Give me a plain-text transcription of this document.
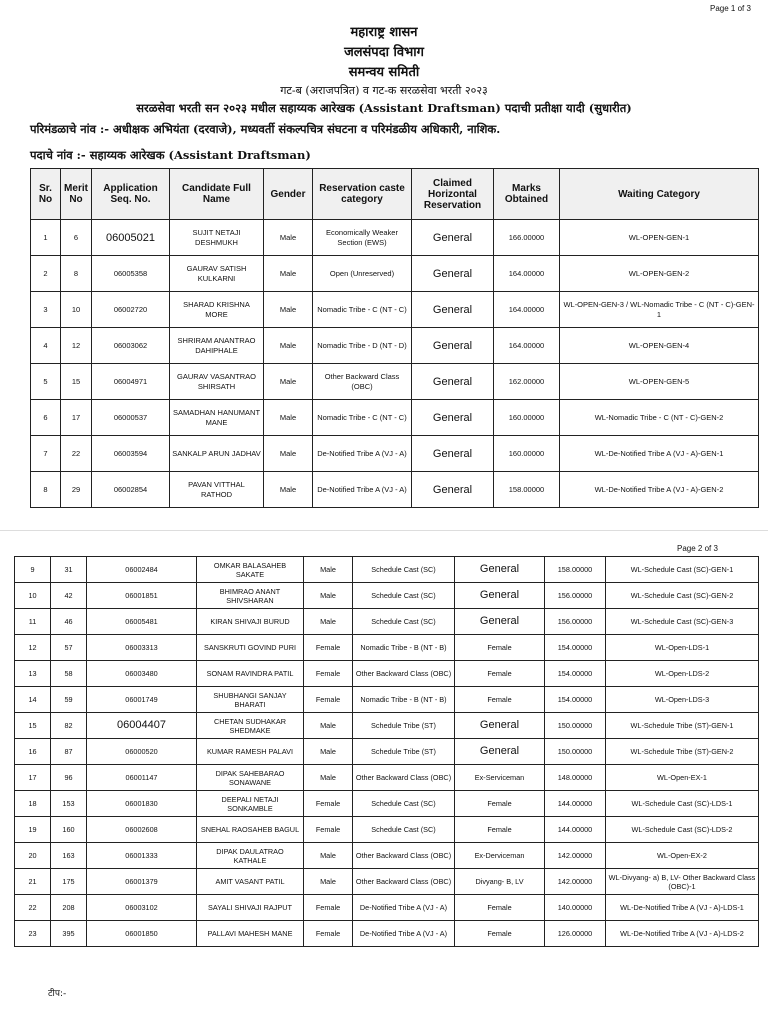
Page 1 of 3
महाराष्ट्र शासन
जलसंपदा विभाग
समन्वय समिती
गट-ब (अराजपत्रित) व गट-क सरळसेवा भरती २०२३
सरळसेवा भरती सन २०२३ मधील सहाय्यक आरेखक (Assistant Draftsman) पदाची प्रतीक्षा यादी (सुधारीत)
परिमंडळाचे नांव :- अधीक्षक अभियंता (दरवाजे), मध्यवर्ती संकल्पचित्र संघटना व परिमंडळीय अधिकारी, नाशिक.
पदाचे नांव :- सहाय्यक आरेखक (Assistant Draftsman)
Sr. No	Merit No	Application Seq. No.	Candidate Full Name	Gender	Reservation caste category	Claimed Horizontal Reservation	Marks Obtained	Waiting Category
1	6	06005021	SUJIT NETAJI DESHMUKH	Male	Economically Weaker Section (EWS)	General	166.00000	WL-OPEN-GEN-1
2	8	06005358	GAURAV SATISH KULKARNI	Male	Open (Unreserved)	General	164.00000	WL-OPEN-GEN-2
3	10	06002720	SHARAD KRISHNA MORE	Male	Nomadic Tribe - C (NT - C)	General	164.00000	WL-OPEN-GEN-3 / WL-Nomadic Tribe - C (NT - C)-GEN-1
4	12	06003062	SHRIRAM ANANTRAO DAHIPHALE	Male	Nomadic Tribe - D (NT - D)	General	164.00000	WL-OPEN-GEN-4
5	15	06004971	GAURAV VASANTRAO SHIRSATH	Male	Other Backward Class (OBC)	General	162.00000	WL-OPEN-GEN-5
6	17	06000537	SAMADHAN HANUMANT MANE	Male	Nomadic Tribe - C (NT - C)	General	160.00000	WL-Nomadic Tribe - C (NT - C)-GEN-2
7	22	06003594	SANKALP ARUN JADHAV	Male	De-Notified Tribe A (VJ - A)	General	160.00000	WL-De-Notified Tribe A (VJ - A)-GEN-1
8	29	06002854	PAVAN VITTHAL RATHOD	Male	De-Notified Tribe A (VJ - A)	General	158.00000	WL-De-Notified Tribe A (VJ - A)-GEN-2
Page 2 of 3
9	31	06002484	OMKAR BALASAHEB SAKATE	Male	Schedule Cast (SC)	General	158.00000	WL-Schedule Cast (SC)-GEN-1
10	42	06001851	BHIMRAO ANANT SHIVSHARAN	Male	Schedule Cast (SC)	General	156.00000	WL-Schedule Cast (SC)-GEN-2
11	46	06005481	KIRAN SHIVAJI BURUD	Male	Schedule Cast (SC)	General	156.00000	WL-Schedule Cast (SC)-GEN-3
12	57	06003313	SANSKRUTI GOVIND PURI	Female	Nomadic Tribe - B (NT - B)	Female	154.00000	WL-Open-LDS-1
13	58	06003480	SONAM RAVINDRA PATIL	Female	Other Backward Class (OBC)	Female	154.00000	WL-Open-LDS-2
14	59	06001749	SHUBHANGI SANJAY BHARATI	Female	Nomadic Tribe - B (NT - B)	Female	154.00000	WL-Open-LDS-3
15	82	06004407	CHETAN SUDHAKAR SHEDMAKE	Male	Schedule Tribe (ST)	General	150.00000	WL-Schedule Tribe (ST)-GEN-1
16	87	06000520	KUMAR RAMESH PALAVI	Male	Schedule Tribe (ST)	General	150.00000	WL-Schedule Tribe (ST)-GEN-2
17	96	06001147	DIPAK SAHEBARAO SONAWANE	Male	Other Backward Class (OBC)	Ex-Serviceman	148.00000	WL-Open-EX-1
18	153	06001830	DEEPALI NETAJI SONKAMBLE	Female	Schedule Cast (SC)	Female	144.00000	WL-Schedule Cast (SC)-LDS-1
19	160	06002608	SNEHAL RAOSAHEB BAGUL	Female	Schedule Cast (SC)	Female	144.00000	WL-Schedule Cast (SC)-LDS-2
20	163	06001333	DIPAK DAULATRAO KATHALE	Male	Other Backward Class (OBC)	Ex-Derviceman	142.00000	WL-Open-EX-2
21	175	06001379	AMIT VASANT PATIL	Male	Other Backward Class (OBC)	Divyang- B, LV	142.00000	WL-Divyang- a) B, LV- Other Backward Class (OBC)-1
22	208	06003102	SAYALI SHIVAJI RAJPUT	Female	De-Notified Tribe A (VJ - A)	Female	140.00000	WL-De-Notified Tribe A (VJ - A)-LDS-1
23	395	06001850	PALLAVI MAHESH MANE	Female	De-Notified Tribe A (VJ - A)	Female	126.00000	WL-De-Notified Tribe A (VJ - A)-LDS-2
टीप:-
